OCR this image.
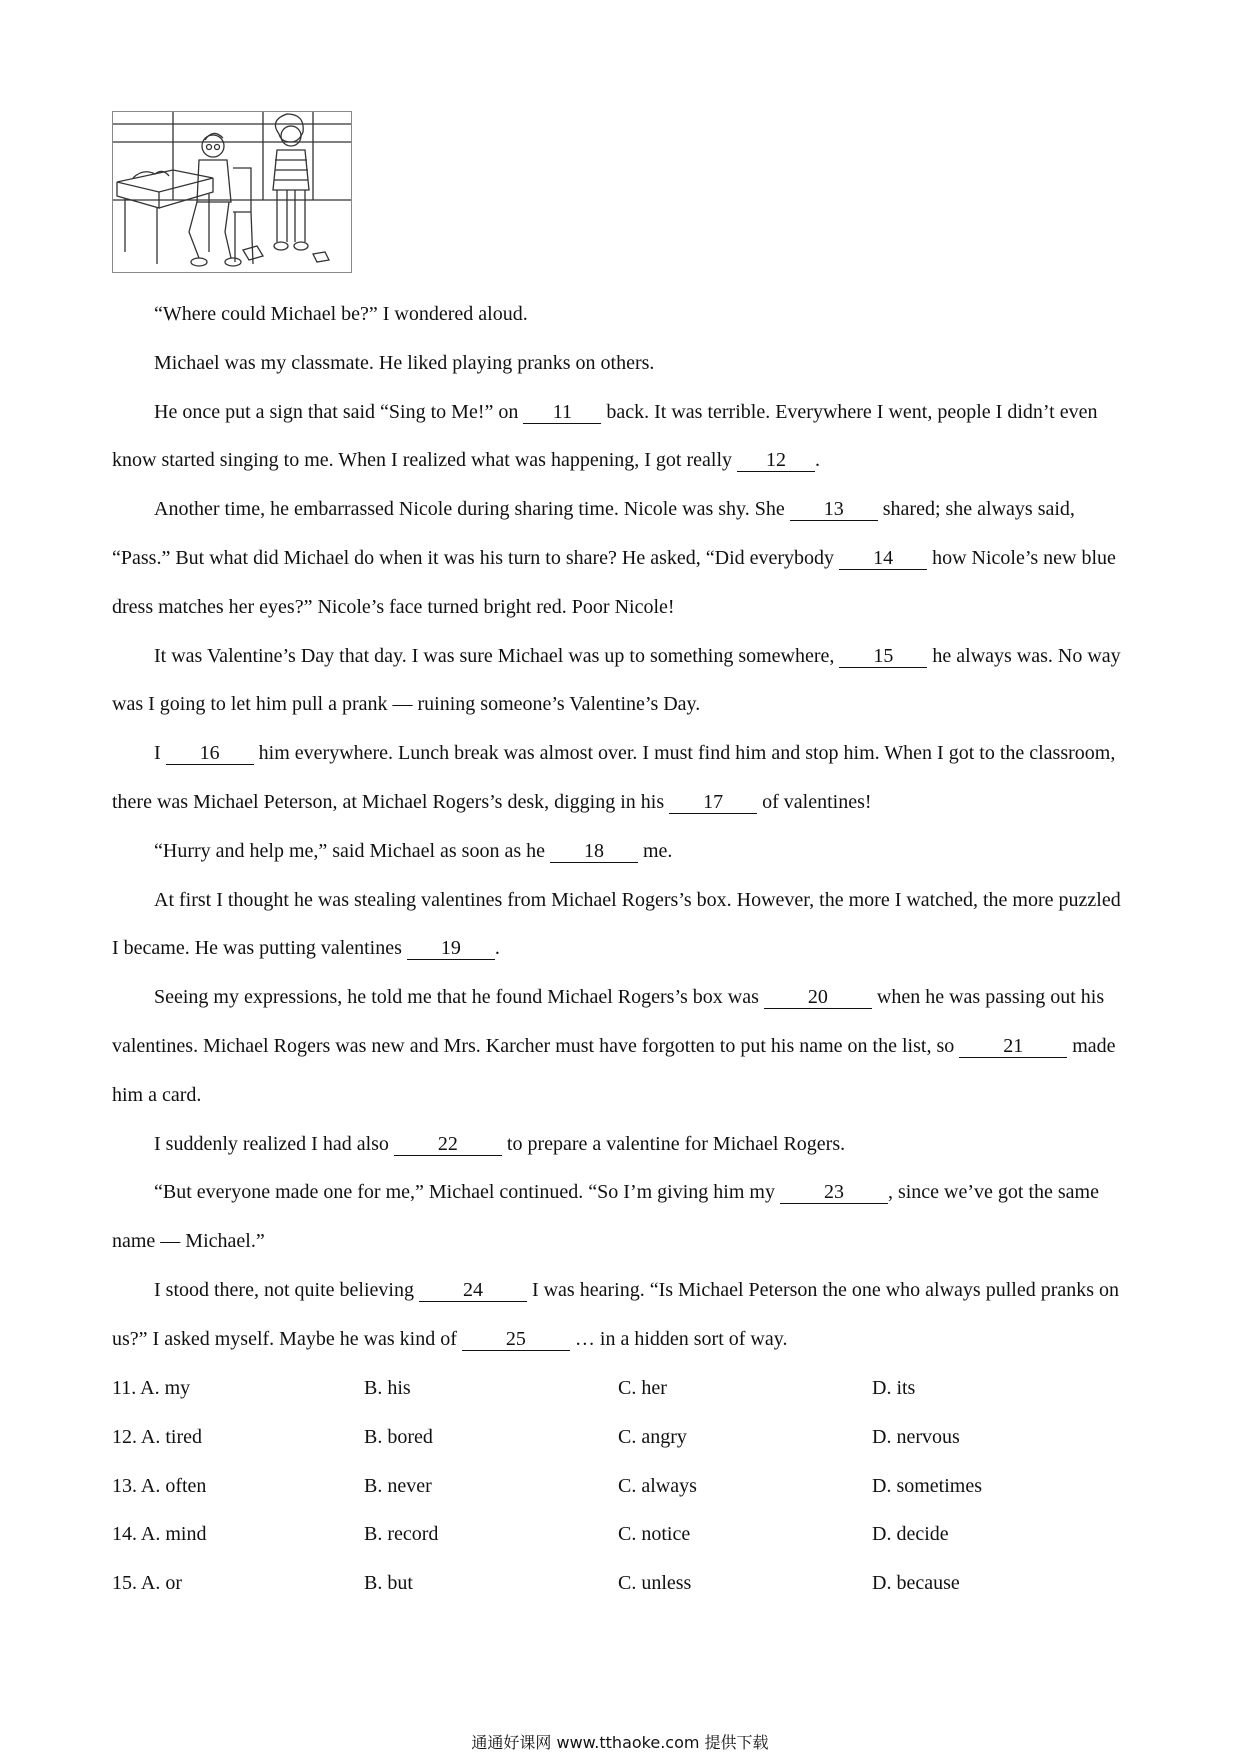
“Where could Michael be?” I wondered aloud.

Michael was my classmate. He liked playing pranks on others.

He once put a sign that said “Sing to Me!” on 11 back. It was terrible. Everywhere I went, people I didn’t even know started singing to me. When I realized what was happening, I got really 12 .

Another time, he embarrassed Nicole during sharing time. Nicole was shy. She 13 shared; she always said, “Pass.” But what did Michael do when it was his turn to share? He asked, “Did everybody 14 how Nicole’s new blue dress matches her eyes?” Nicole’s face turned bright red. Poor Nicole!

It was Valentine’s Day that day. I was sure Michael was up to something somewhere, 15 he always was. No way was I going to let him pull a prank — ruining someone’s Valentine’s Day.

I 16 him everywhere. Lunch break was almost over. I must find him and stop him. When I got to the classroom, there was Michael Peterson, at Michael Rogers’s desk, digging in his 17 of valentines!

“Hurry and help me,” said Michael as soon as he 18 me.

At first I thought he was stealing valentines from Michael Rogers’s box. However, the more I watched, the more puzzled I became. He was putting valentines 19 .

Seeing my expressions, he told me that he found Michael Rogers’s box was 20 when he was passing out his valentines. Michael Rogers was new and Mrs. Karcher must have forgotten to put his name on the list, so 21 made him a card.

I suddenly realized I had also 22 to prepare a valentine for Michael Rogers.

“But everyone made one for me,” Michael continued. “So I’m giving him my 23 , since we’ve got the same name — Michael.”

I stood there, not quite believing 24 I was hearing. “Is Michael Peterson the one who always pulled pranks on us?” I asked myself. Maybe he was kind of 25 … in a hidden sort of way.

11. A. my	B. his	C. her	D. its
12. A. tired	B. bored	C. angry	D. nervous
13. A. often	B. never	C. always	D. sometimes
14. A. mind	B. record	C. notice	D. decide
15. A. or	B. but	C. unless	D. because
通通好课网 www.tthaoke.com 提供下载
